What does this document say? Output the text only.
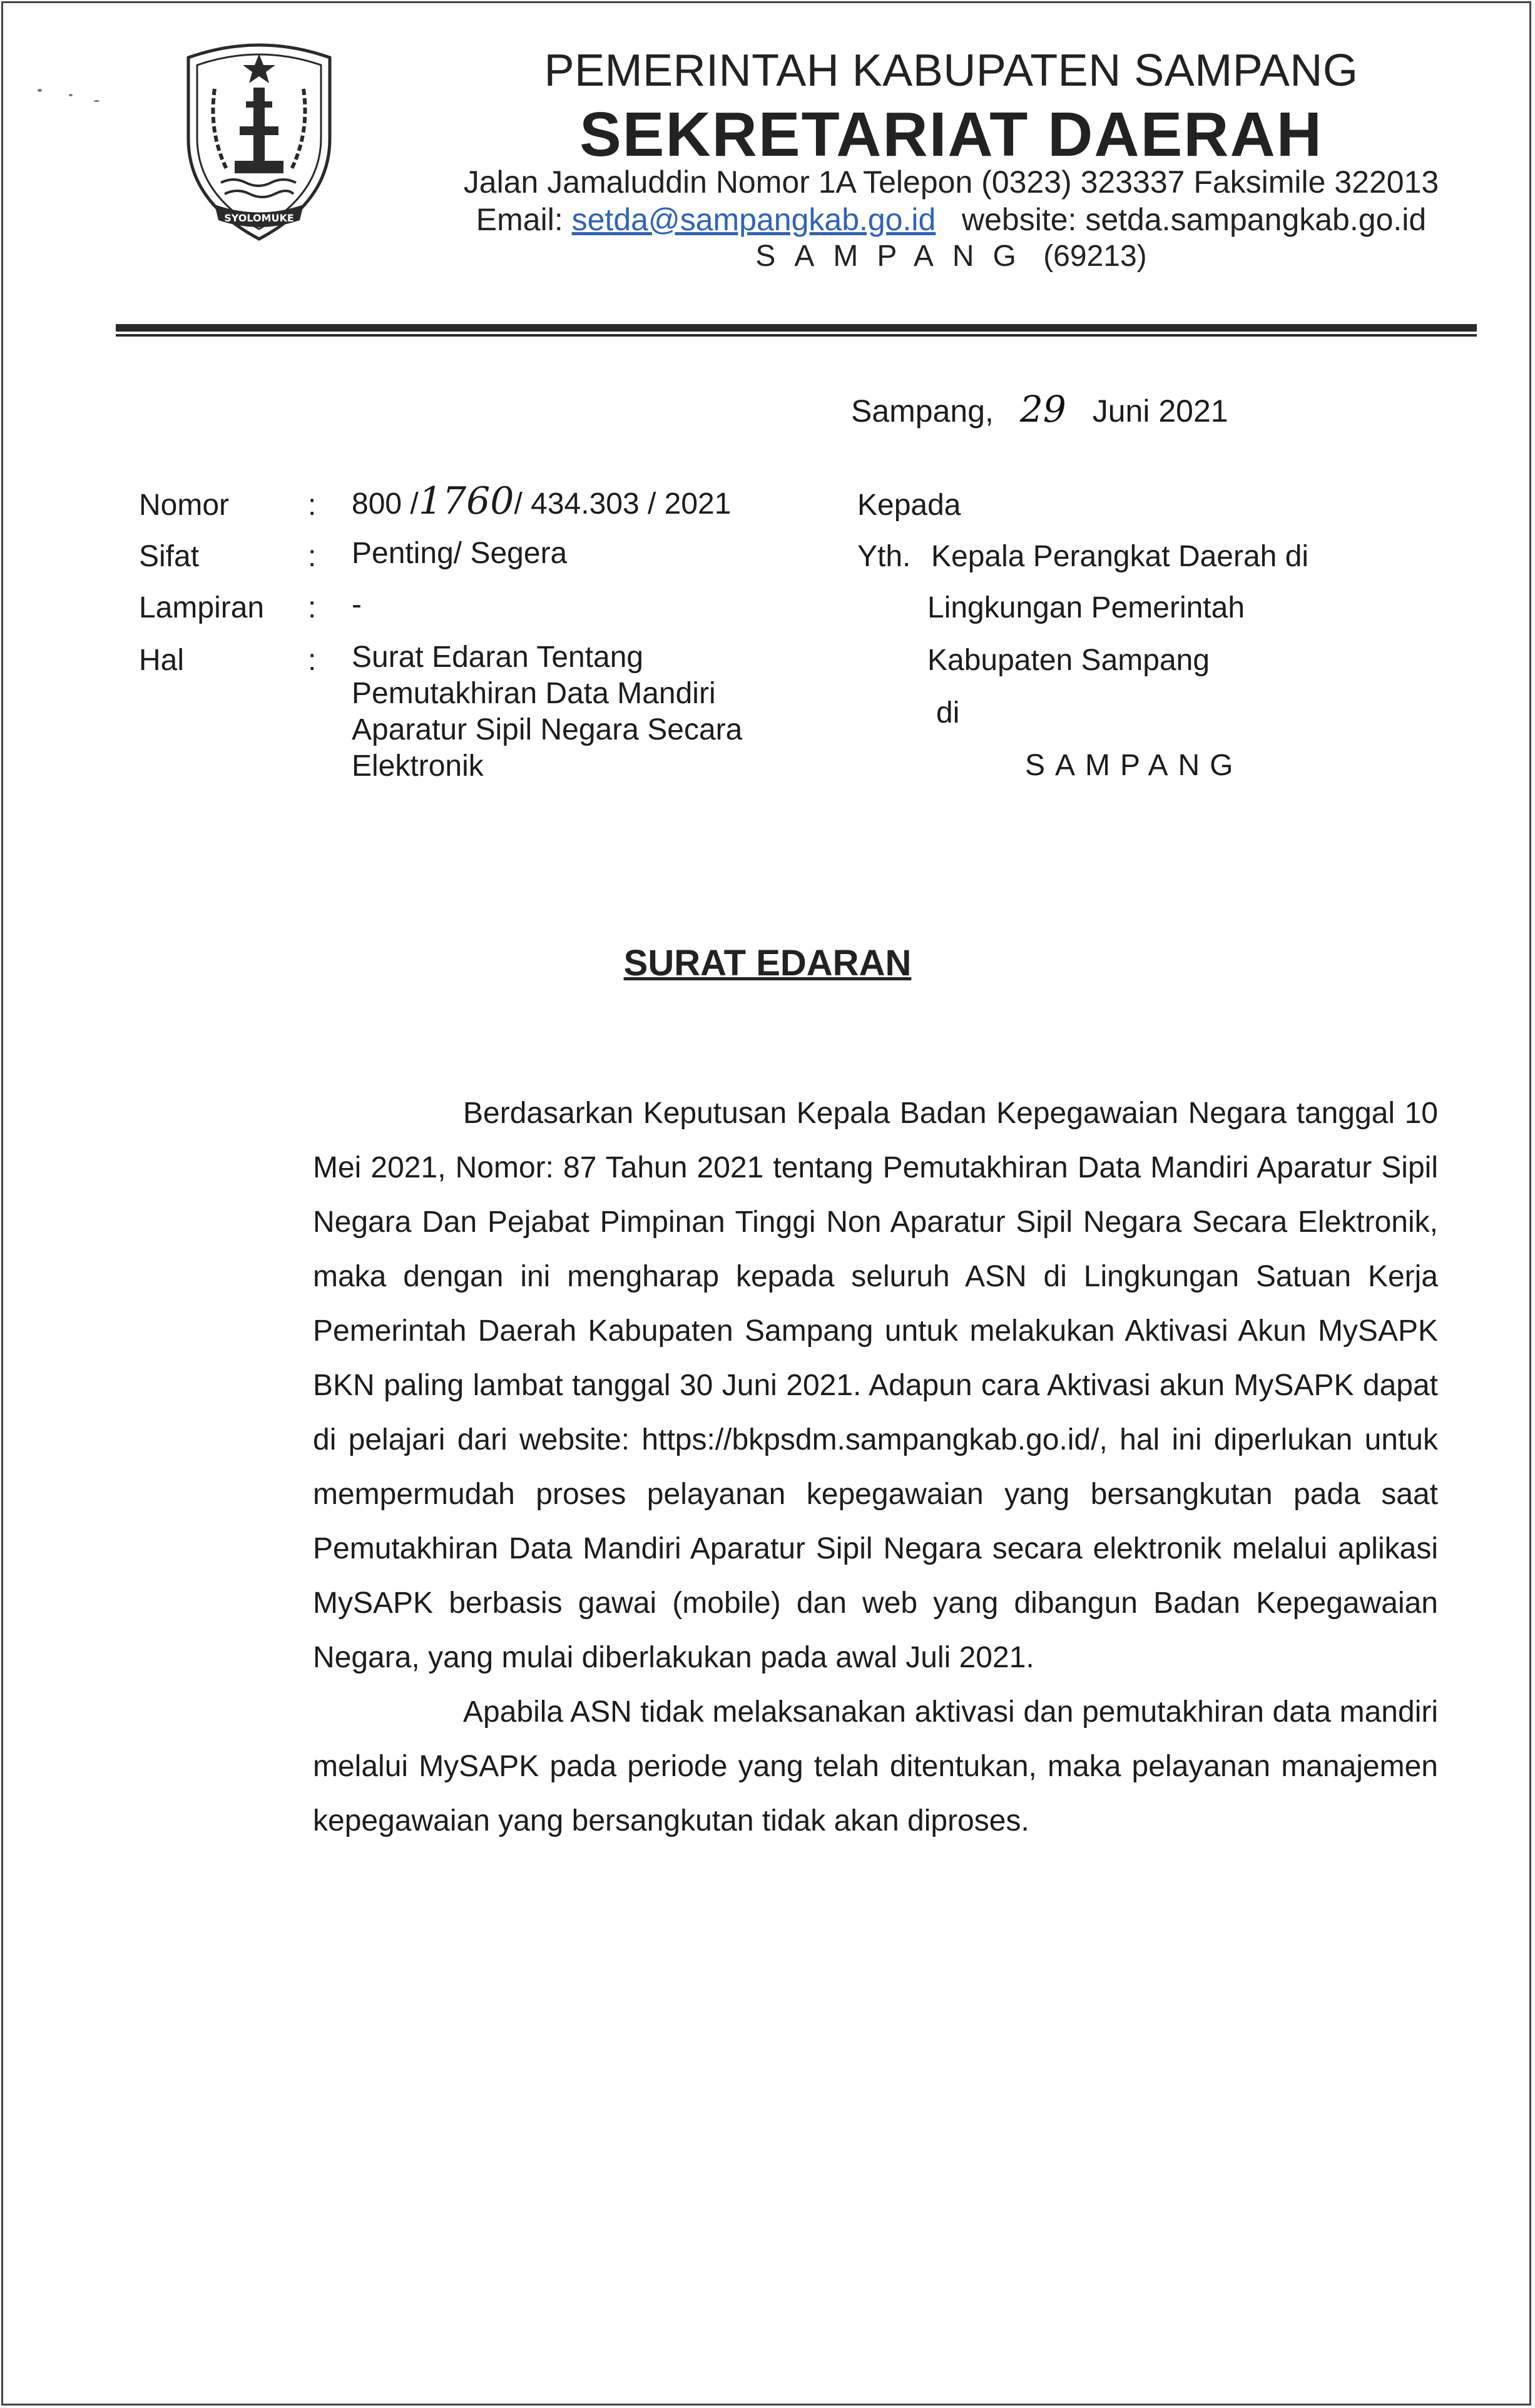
SYOLOMUKE
PEMERINTAH KABUPATEN SAMPANG
SEKRETARIAT DAERAH
Jalan Jamaluddin Nomor 1A Telepon (0323) 323337 Faksimile 322013
Email: setda@sampangkab.go.id website: setda.sampangkab.go.id
SAMPANG (69213)
Sampang, 29 Juni 2021
Nomor	: 800 /1760/ 434.303 / 2021
Sifat	: Penting/ Segera
Lampiran : -
Hal	: Surat Edaran Tentang
Pemutakhiran Data Mandiri
Aparatur Sipil Negara Secara
Elektronik
Kepada
Yth. Kepala Perangkat Daerah di
Lingkungan Pemerintah
Kabupaten Sampang
di
SAMPANG
SURAT EDARAN

Berdasarkan Keputusan Kepala Badan Kepegawaian Negara tanggal 10 Mei 2021, Nomor: 87 Tahun 2021 tentang Pemutakhiran Data Mandiri Aparatur Sipil Negara Dan Pejabat Pimpinan Tinggi Non Aparatur Sipil Negara Secara Elektronik, maka dengan ini mengharap kepada seluruh ASN di Lingkungan Satuan Kerja Pemerintah Daerah Kabupaten Sampang untuk melakukan Aktivasi Akun MySAPK BKN paling lambat tanggal 30 Juni 2021. Adapun cara Aktivasi akun MySAPK dapat di pelajari dari website: https://bkpsdm.sampangkab.go.id/, hal ini diperlukan untuk mempermudah proses pelayanan kepegawaian yang bersangkutan pada saat Pemutakhiran Data Mandiri Aparatur Sipil Negara secara elektronik melalui aplikasi MySAPK berbasis gawai (mobile) dan web yang dibangun Badan Kepegawaian Negara, yang mulai diberlakukan pada awal Juli 2021.

Apabila ASN tidak melaksanakan aktivasi dan pemutakhiran data mandiri melalui MySAPK pada periode yang telah ditentukan, maka pelayanan manajemen kepegawaian yang bersangkutan tidak akan diproses.
